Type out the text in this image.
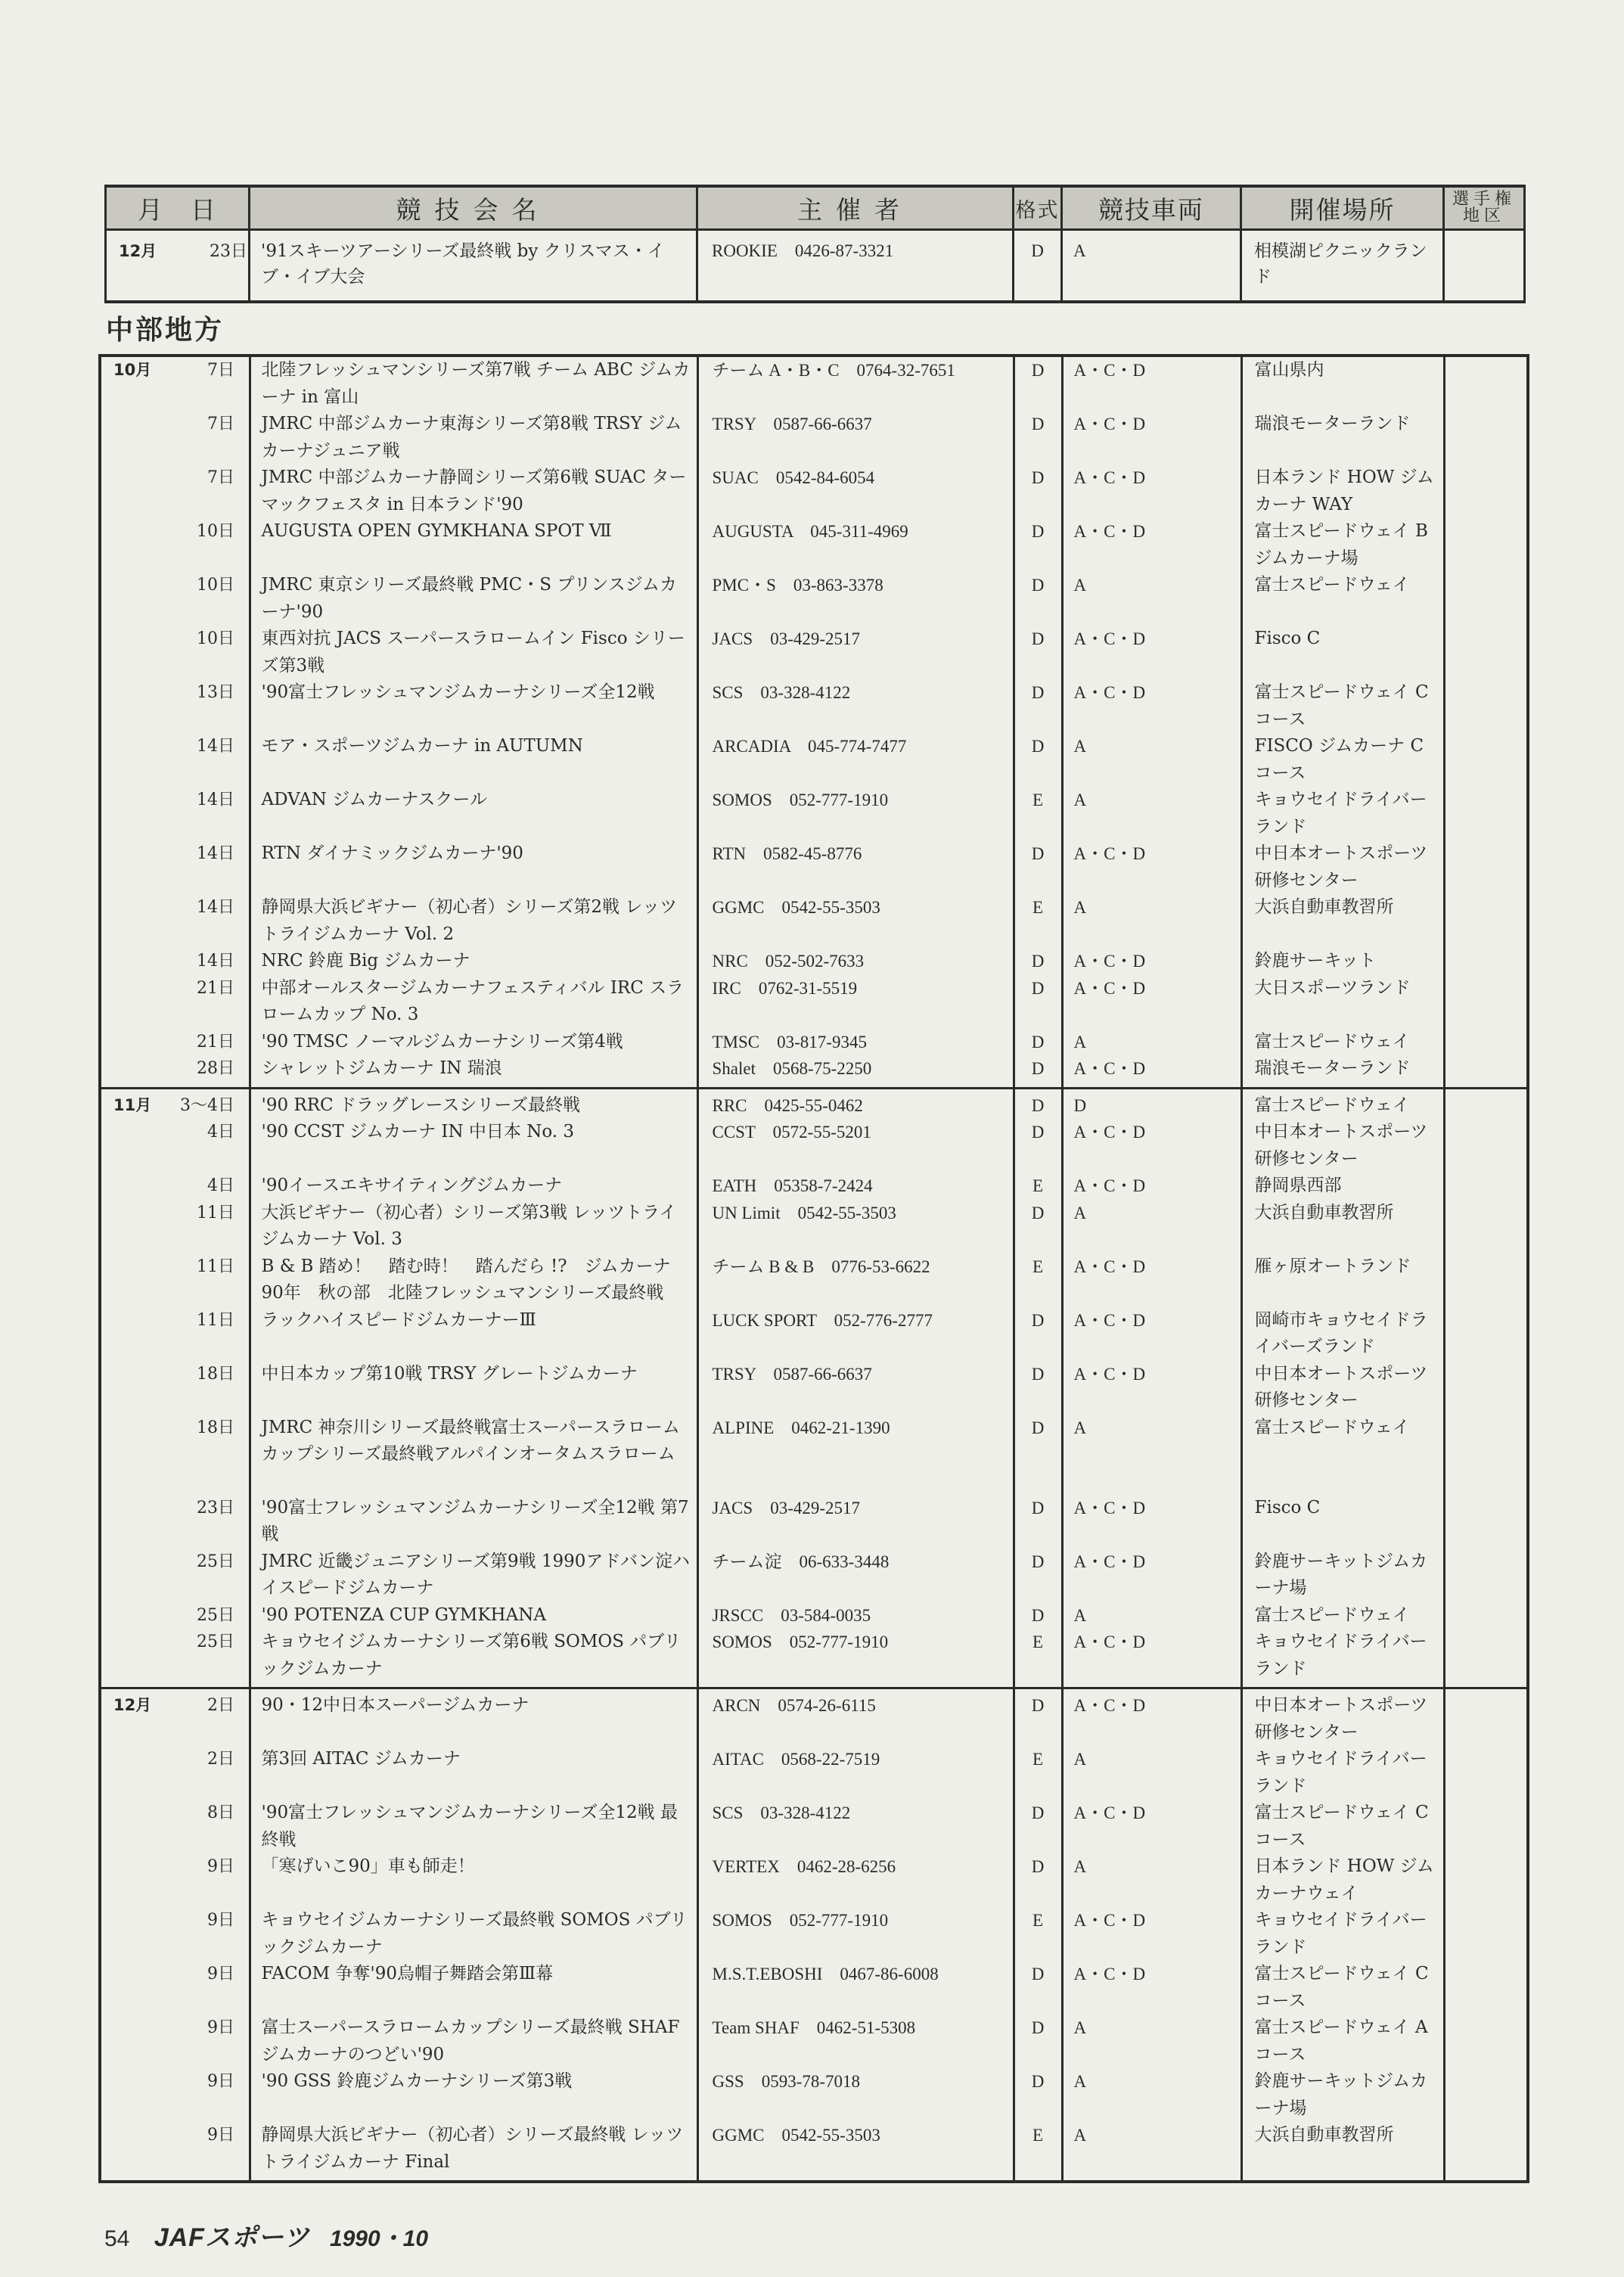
月　日	競技会名	主催者	格式	競技車両	開催場所	選手権
地区
12月 23日	'91スキーツアーシリーズ最終戦 by クリスマス・イブ・イブ大会	ROOKIE　0426-87-3321	D	A	相模湖ピクニックランド	
中部地方
10月 7日	北陸フレッシュマンシリーズ第7戦 チーム ABC ジムカーナ in 富山	チーム A・B・C　0764-32-7651	D	A・C・D	富山県内	
7日	JMRC 中部ジムカーナ東海シリーズ第8戦 TRSY ジムカーナジュニア戦	TRSY　0587-66-6637	D	A・C・D	瑞浪モーターランド	
7日	JMRC 中部ジムカーナ静岡シリーズ第6戦 SUAC ターマックフェスタ in 日本ランド'90	SUAC　0542-84-6054	D	A・C・D	日本ランド HOW ジムカーナ WAY	
10日	AUGUSTA OPEN GYMKHANA SPOT Ⅶ	AUGUSTA　045-311-4969	D	A・C・D	富士スピードウェイ B ジムカーナ場	
10日	JMRC 東京シリーズ最終戦 PMC・S プリンスジムカーナ'90	PMC・S　03-863-3378	D	A	富士スピードウェイ	
10日	東西対抗 JACS スーパースラロームイン Fisco シリーズ第3戦	JACS　03-429-2517	D	A・C・D	Fisco C	
13日	'90富士フレッシュマンジムカーナシリーズ全12戦	SCS　03-328-4122	D	A・C・D	富士スピードウェイ C コース	
14日	モア・スポーツジムカーナ in AUTUMN	ARCADIA　045-774-7477	D	A	FISCO ジムカーナ C コース	
14日	ADVAN ジムカーナスクール	SOMOS　052-777-1910	E	A	キョウセイドライバーランド	
14日	RTN ダイナミックジムカーナ'90	RTN　0582-45-8776	D	A・C・D	中日本オートスポーツ研修センター	
14日	静岡県大浜ビギナー（初心者）シリーズ第2戦 レッツトライジムカーナ Vol. 2	GGMC　0542-55-3503	E	A	大浜自動車教習所	
14日	NRC 鈴鹿 Big ジムカーナ	NRC　052-502-7633	D	A・C・D	鈴鹿サーキット	
21日	中部オールスタージムカーナフェスティバル IRC スラロームカップ No. 3	IRC　0762-31-5519	D	A・C・D	大日スポーツランド	
21日	'90 TMSC ノーマルジムカーナシリーズ第4戦	TMSC　03-817-9345	D	A	富士スピードウェイ	
28日	シャレットジムカーナ IN 瑞浪	Shalet　0568-75-2250	D	A・C・D	瑞浪モーターランド	
11月 3～4日	'90 RRC ドラッグレースシリーズ最終戦	RRC　0425-55-0462	D	D	富士スピードウェイ	
4日	'90 CCST ジムカーナ IN 中日本 No. 3	CCST　0572-55-5201	D	A・C・D	中日本オートスポーツ研修センター	
4日	'90イースエキサイティングジムカーナ	EATH　05358-7-2424	E	A・C・D	静岡県西部	
11日	大浜ビギナー（初心者）シリーズ第3戦 レッツトライジムカーナ Vol. 3	UN Limit　0542-55-3503	D	A	大浜自動車教習所	
11日	B & B 踏め！　踏む時！　踏んだら !?　ジムカーナ90年　秋の部　北陸フレッシュマンシリーズ最終戦	チーム B & B　0776-53-6622	E	A・C・D	雁ヶ原オートランド	
11日	ラックハイスピードジムカーナーⅢ	LUCK SPORT　052-776-2777	D	A・C・D	岡崎市キョウセイドライバーズランド	
18日	中日本カップ第10戦 TRSY グレートジムカーナ	TRSY　0587-66-6637	D	A・C・D	中日本オートスポーツ研修センター	
18日	JMRC 神奈川シリーズ最終戦富士スーパースラロームカップシリーズ最終戦アルパインオータムスラローム	ALPINE　0462-21-1390	D	A	富士スピードウェイ	
23日	'90富士フレッシュマンジムカーナシリーズ全12戦 第7戦	JACS　03-429-2517	D	A・C・D	Fisco C	
25日	JMRC 近畿ジュニアシリーズ第9戦 1990アドバン淀ハイスピードジムカーナ	チーム淀　06-633-3448	D	A・C・D	鈴鹿サーキットジムカーナ場	
25日	'90 POTENZA CUP GYMKHANA	JRSCC　03-584-0035	D	A	富士スピードウェイ	
25日	キョウセイジムカーナシリーズ第6戦 SOMOS パブリックジムカーナ	SOMOS　052-777-1910	E	A・C・D	キョウセイドライバーランド	
12月 2日	90・12中日本スーパージムカーナ	ARCN　0574-26-6115	D	A・C・D	中日本オートスポーツ研修センター	
2日	第3回 AITAC ジムカーナ	AITAC　0568-22-7519	E	A	キョウセイドライバーランド	
8日	'90富士フレッシュマンジムカーナシリーズ全12戦 最終戦	SCS　03-328-4122	D	A・C・D	富士スピードウェイ C コース	
9日	「寒げいこ90」車も師走！	VERTEX　0462-28-6256	D	A	日本ランド HOW ジムカーナウェイ	
9日	キョウセイジムカーナシリーズ最終戦 SOMOS パブリックジムカーナ	SOMOS　052-777-1910	E	A・C・D	キョウセイドライバーランド	
9日	FACOM 争奪'90烏帽子舞踏会第Ⅲ幕	M.S.T.EBOSHI　0467-86-6008	D	A・C・D	富士スピードウェイ C コース	
9日	富士スーパースラロームカップシリーズ最終戦 SHAF ジムカーナのつどい'90	Team SHAF　0462-51-5308	D	A	富士スピードウェイ A コース	
9日	'90 GSS 鈴鹿ジムカーナシリーズ第3戦	GSS　0593-78-7018	D	A	鈴鹿サーキットジムカーナ場	
9日	静岡県大浜ビギナー（初心者）シリーズ最終戦 レッツトライジムカーナ Final	GGMC　0542-55-3503	E	A	大浜自動車教習所	
54 JAFスポーツ 1990・10
